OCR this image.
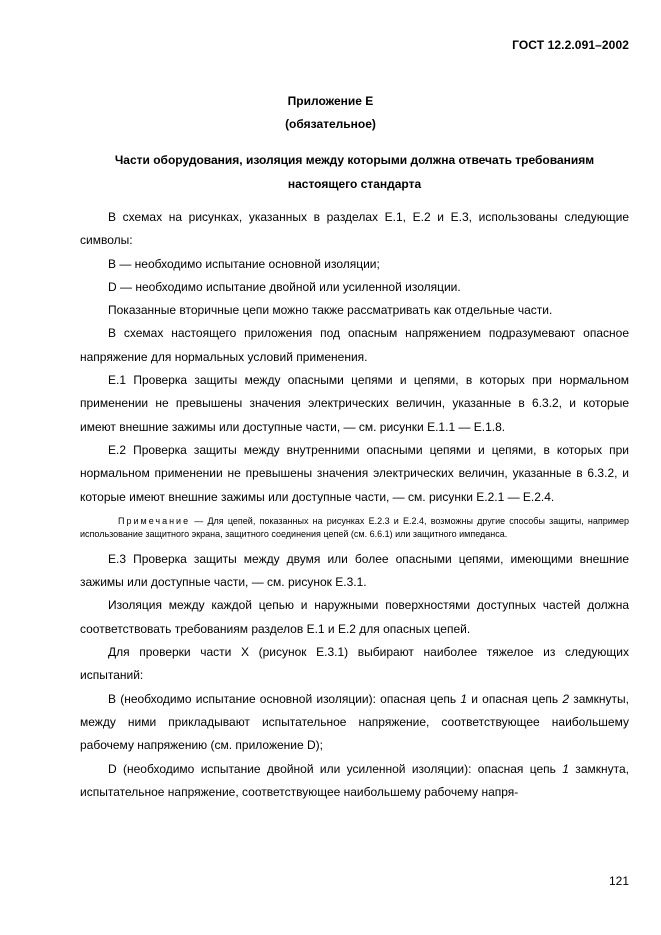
ГОСТ 12.2.091–2002
Приложение Е
(обязательное)
Части оборудования, изоляция между которыми должна отвечать требованиям настоящего стандарта

В схемах на рисунках, указанных в разделах Е.1, Е.2 и Е.3, использованы следующие символы:

B — необходимо испытание основной изоляции;

D — необходимо испытание двойной или усиленной изоляции.

Показанные вторичные цепи можно также рассматривать как отдельные части.

В схемах настоящего приложения под опасным напряжением подразумевают опасное напряжение для нормальных условий применения.

Е.1 Проверка защиты между опасными цепями и цепями, в которых при нормальном применении не превышены значения электрических величин, указанные в 6.3.2, и которые имеют внешние зажимы или доступные части, — см. рисунки Е.1.1 — Е.1.8.

Е.2 Проверка защиты между внутренними опасными цепями и цепями, в которых при нормальном применении не превышены значения электрических величин, указанные в 6.3.2, и которые имеют внешние зажимы или доступные части, — см. рисунки Е.2.1 — Е.2.4.

Примечание — Для цепей, показанных на рисунках Е.2.3 и Е.2.4, возможны другие способы защиты, например использование защитного экрана, защитного соединения цепей (см. 6.6.1) или защитного импеданса.

Е.3 Проверка защиты между двумя или более опасными цепями, имеющими внешние зажимы или доступные части, — см. рисунок Е.3.1.

Изоляция между каждой цепью и наружными поверхностями доступных частей должна соответствовать требованиям разделов Е.1 и Е.2 для опасных цепей.

Для проверки части X (рисунок Е.3.1) выбирают наиболее тяжелое из следующих испытаний:

B (необходимо испытание основной изоляции): опасная цепь 1 и опасная цепь 2 замкнуты, между ними прикладывают испытательное напряжение, соответствующее наибольшему рабочему напряжению (см. приложение D);

D (необходимо испытание двойной или усиленной изоляции): опасная цепь 1 замкнута, испытательное напряжение, соответствующее наибольшему рабочему напря-

121
